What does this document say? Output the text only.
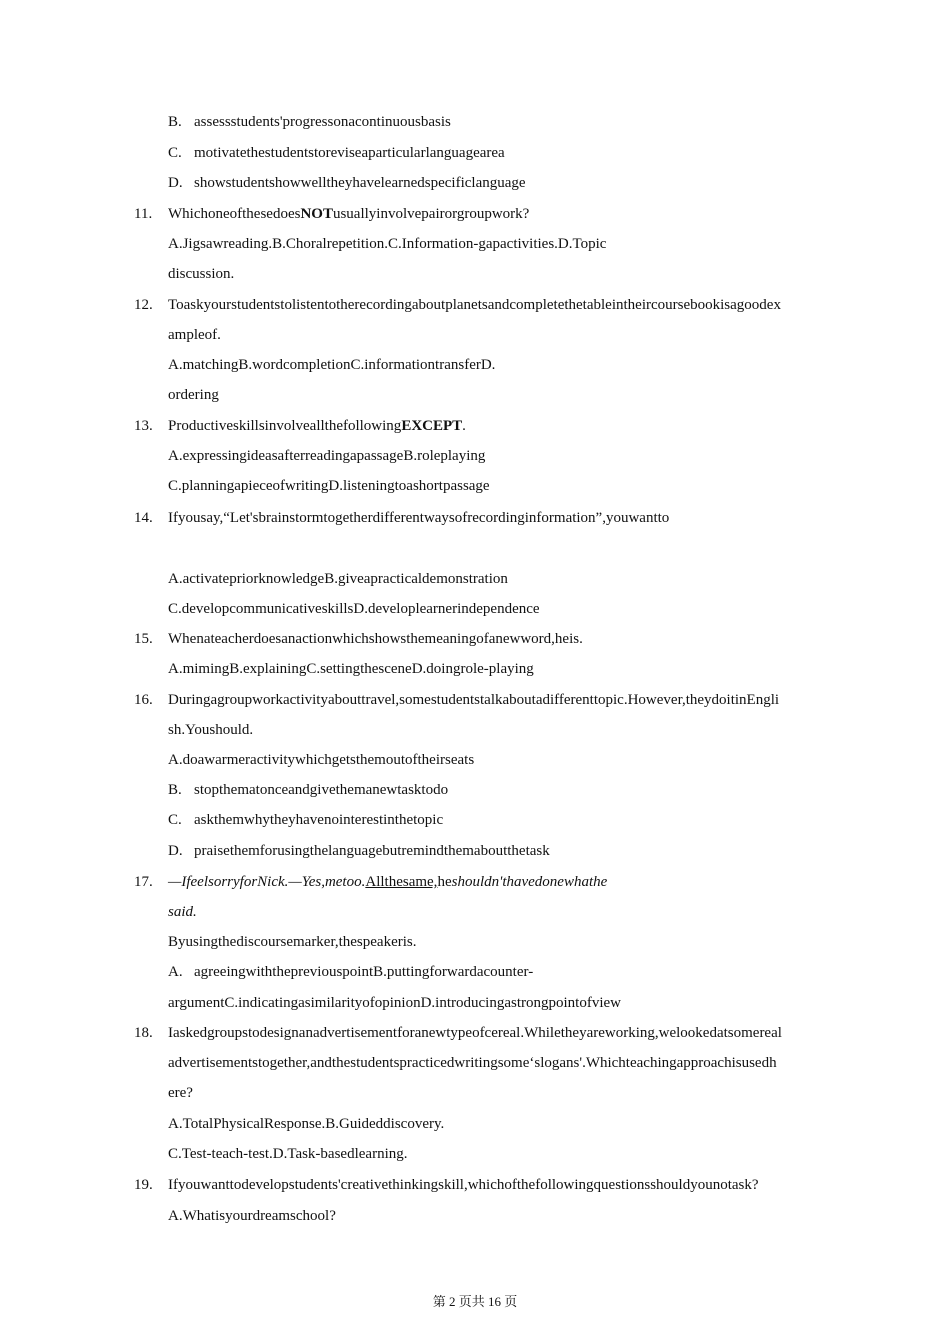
B. assessstudents'progressonacontinuousbasis
C. motivatethestudentstoreviseaparticularlanguagearea
D. showstudentshowwelltheyhavelearnedspecificlanguage
11. WhichoneofthesedoesNOTusuallyinvolvepairorgroupwork?
A.Jigsawreading.B.Choralrepetition.C.Information-gapactivities.D.Topic
discussion.
12. Toaskyourstudentstolistentotherecordingaboutplanetsandcompletethetableintheircoursebookisagoodex
ampleof.
A.matchingB.wordcompletionC.informationtransferD.
ordering
13. ProductiveskillsinvolveallthefollowingEXCEPT.
A.expressingideasafterreadingapassageB.roleplaying
C.planningapieceofwritingD.listeningtoashortpassage
14. Ifyousay,“Let'sbrainstormtogetherdifferentwaysofrecordinginformation”,youwantto
A.activatepriorknowledgeB.giveapracticaldemonstration
C.developcommunicativeskillsD.developlearnerindependence
15. Whenateacherdoesanactionwhichshowsthemeaningofanewword,heis.
A.mimingB.explainingC.settingthesceneD.doingrole-playing
16. Duringagroupworkactivityabouttravel,somestudentstalkaboutadifferenttopic.However,theydoitinEngli
sh.Youshould.
A.doawarmeractivitywhichgetsthemoutoftheirseats
B. stopthematonceandgivethemanewtasktodo
C. askthemwhytheyhavenointerestinthetopic
D. praisethemforusingthelanguagebutremindthemaboutthetask
17. —IfeelsorryforNick.—Yes,metoo.Allthesame,heshouldn'thavedonewhathe
said.
Byusingthediscoursemarker,thespeakeris.
A. agreeingwiththepreviouspointB.puttingforwardacounter-
argumentC.indicatingasimilarityofopinionD.introducingastrongpointofview
18. Iaskedgroupstodesignanadvertisementforanewtypeofcereal.Whiletheyareworking,welookedatsomereal
advertisementstogether,andthestudentspracticedwritingsome‘slogans'.Whichteachingapproachisusedh
ere?
A.TotalPhysicalResponse.B.Guideddiscovery.
C.Test-teach-test.D.Task-basedlearning.
19. Ifyouwanttodevelopstudents'creativethinkingskill,whichofthefollowingquestionsshouldyounotask?
A.Whatisyourdreamschool?
第 2 页共 16 页
